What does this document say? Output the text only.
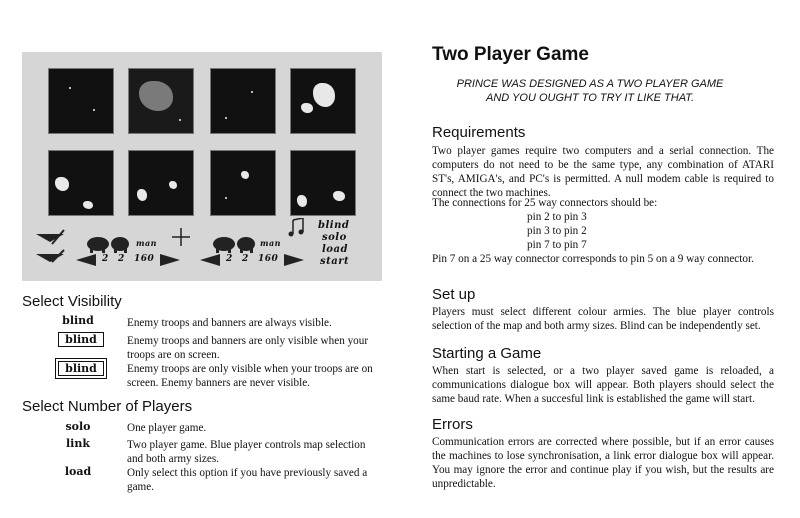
man
2 2 160
man
2 2 160
blind
solo
load
start
Select Visibility
blind	Enemy troops and banners are always visible.
blind	Enemy troops and banners are only visible when your troops are on screen.
blind	Enemy troops are only visible when your troops are on screen. Enemy banners are never visible.
Select Number of Players
solo	One player game.
link	Two player game. Blue player controls map selection and both army sizes.
load	Only select this option if you have previously saved a game.
Two Player Game
PRINCE WAS DESIGNED AS A TWO PLAYER GAME AND YOU OUGHT TO TRY IT LIKE THAT.
Requirements
Two player games require two computers and a serial connection. The computers do not need to be the same type, any combination of ATARI ST's, AMIGA's, and PC's is permitted. A null modem cable is required to connect the two machines.
The connections for 25 way connectors should be:
pin 2 to pin 3
pin 3 to pin 2
pin 7 to pin 7
Pin 7 on a 25 way connector corresponds to pin 5 on a 9 way connector.
Set up
Players must select different colour armies. The blue player controls selection of the map and both army sizes. Blind can be independently set.
Starting a Game
When start is selected, or a two player saved game is reloaded, a communications dialogue box will appear. Both players should select the same baud rate. When a succesful link is established the game will start.
Errors
Communication errors are corrected where possible, but if an error causes the machines to lose synchronisation, a link error dialogue box will appear. You may ignore the error and continue play if you wish, but the results are unpredictable.
